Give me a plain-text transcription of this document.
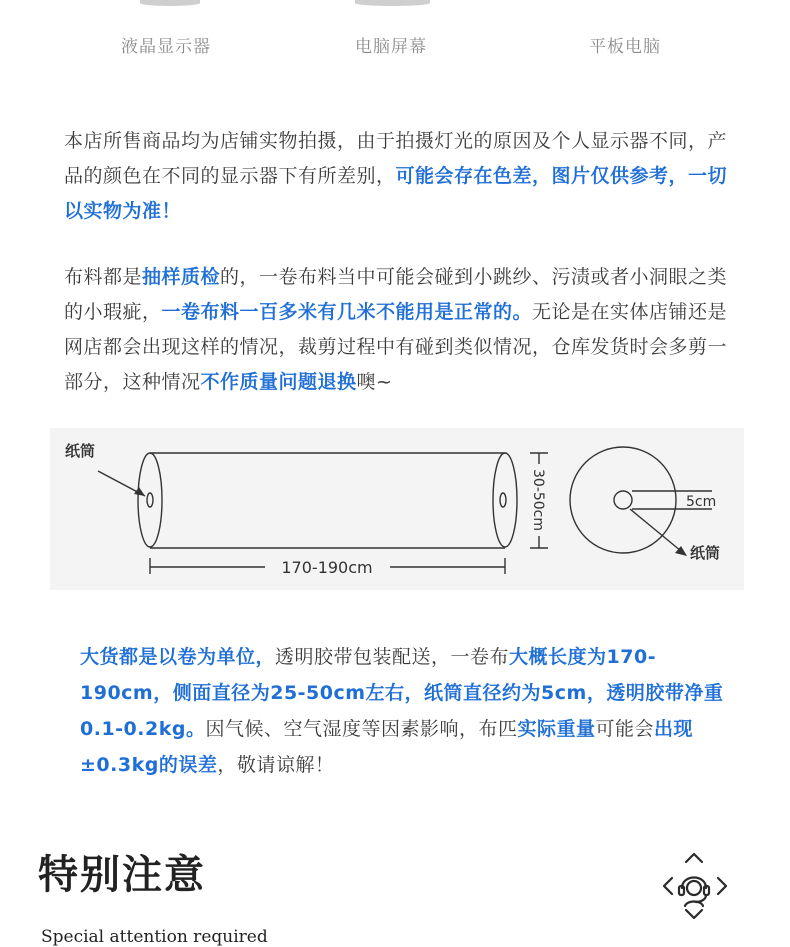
液晶显示器	电脑屏幕	平板电脑
本店所售商品均为店铺实物拍摄，由于拍摄灯光的原因及个人显示器不同，产品的颜色在不同的显示器下有所差别，可能会存在色差，图片仅供参考，一切以实物为准！
布料都是抽样质检的，一卷布料当中可能会碰到小跳纱、污渍或者小洞眼之类的小瑕疵，一卷布料一百多米有几米不能用是正常的。无论是在实体店铺还是网店都会出现这样的情况，裁剪过程中有碰到类似情况，仓库发货时会多剪一部分，这种情况不作质量问题退换噢~
纸筒
纸筒
170-190cm
30-50cm	5cm
大货都是以卷为单位，透明胶带包装配送，一卷布大概长度为170-190cm，侧面直径为25-50cm左右，纸筒直径约为5cm，透明胶带净重0.1-0.2kg。因气候、空气湿度等因素影响，布匹实际重量可能会出现±0.3kg的误差，敬请谅解！
特别注意
Special attention required
